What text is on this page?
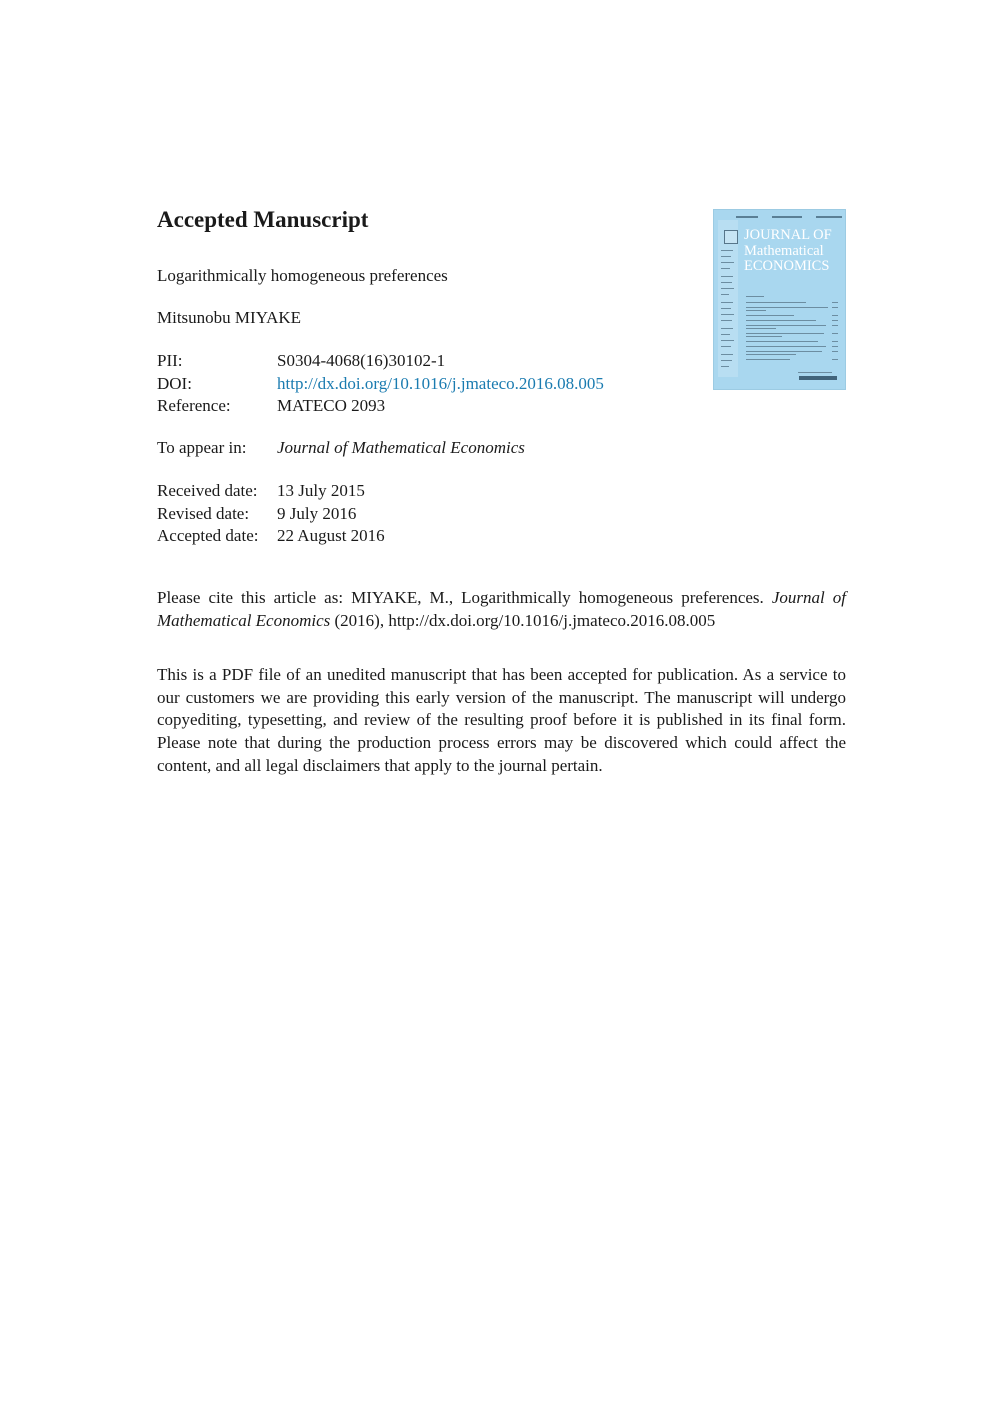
Accepted Manuscript
Logarithmically homogeneous preferences
Mitsunobu MIYAKE
PII:	S0304-4068(16)30102-1
DOI:	http://dx.doi.org/10.1016/j.jmateco.2016.08.005
Reference:	MATECO 2093
To appear in: Journal of Mathematical Economics
Received date: 13 July 2015
Revised date: 9 July 2016
Accepted date: 22 August 2016

Please cite this article as: MIYAKE, M., Logarithmically homogeneous preferences. Journal of Mathematical Economics (2016), http://dx.doi.org/10.1016/j.jmateco.2016.08.005

This is a PDF file of an unedited manuscript that has been accepted for publication. As a service to our customers we are providing this early version of the manuscript. The manuscript will undergo copyediting, typesetting, and review of the resulting proof before it is published in its final form. Please note that during the production process errors may be discovered which could affect the content, and all legal disclaimers that apply to the journal pertain.

JOURNAL OF
Mathematical
ECONOMICS
